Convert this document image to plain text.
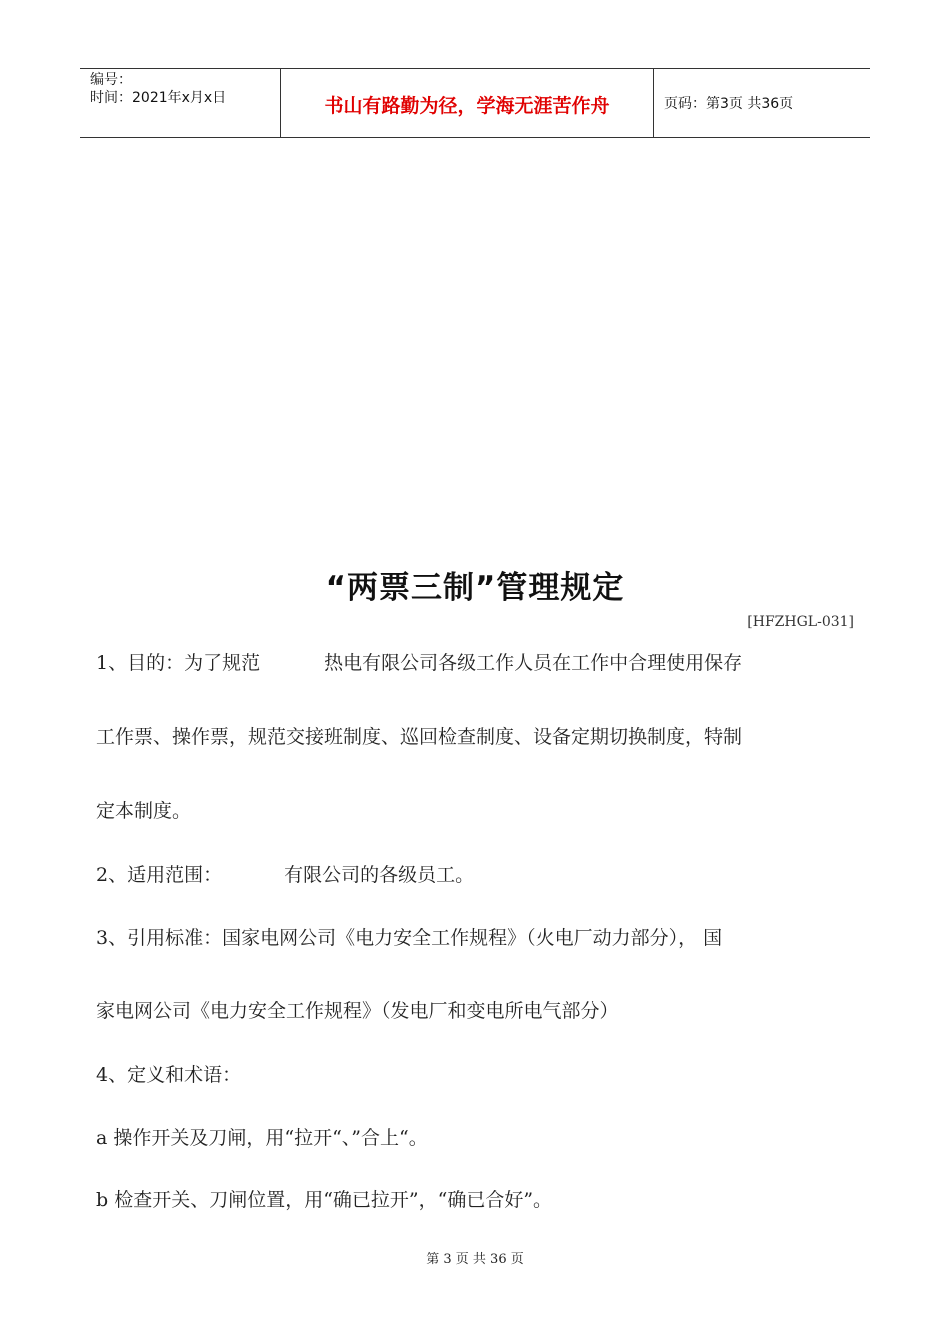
编号：
时间：2021年x月x日	书山有路勤为径，学海无涯苦作舟	页码：第3页 共36页
“两票三制”管理规定
[HFZHGL-031]
1、目的：为了规范	热电有限公司各级工作人员在工作中合理使用保存
工作票、操作票，规范交接班制度、巡回检查制度、设备定期切换制度，特制
定本制度。
2、适用范围：	有限公司的各级员工。
3、引用标准：国家电网公司《电力安全工作规程》（火电厂动力部分）， 国
家电网公司《电力安全工作规程》（发电厂和变电所电气部分）
4、定义和术语：
a 操作开关及刀闸，用“拉开“、”合上“。
b 检查开关、刀闸位置，用“确已拉开”，“确已合好”。
第 3 页 共 36 页
